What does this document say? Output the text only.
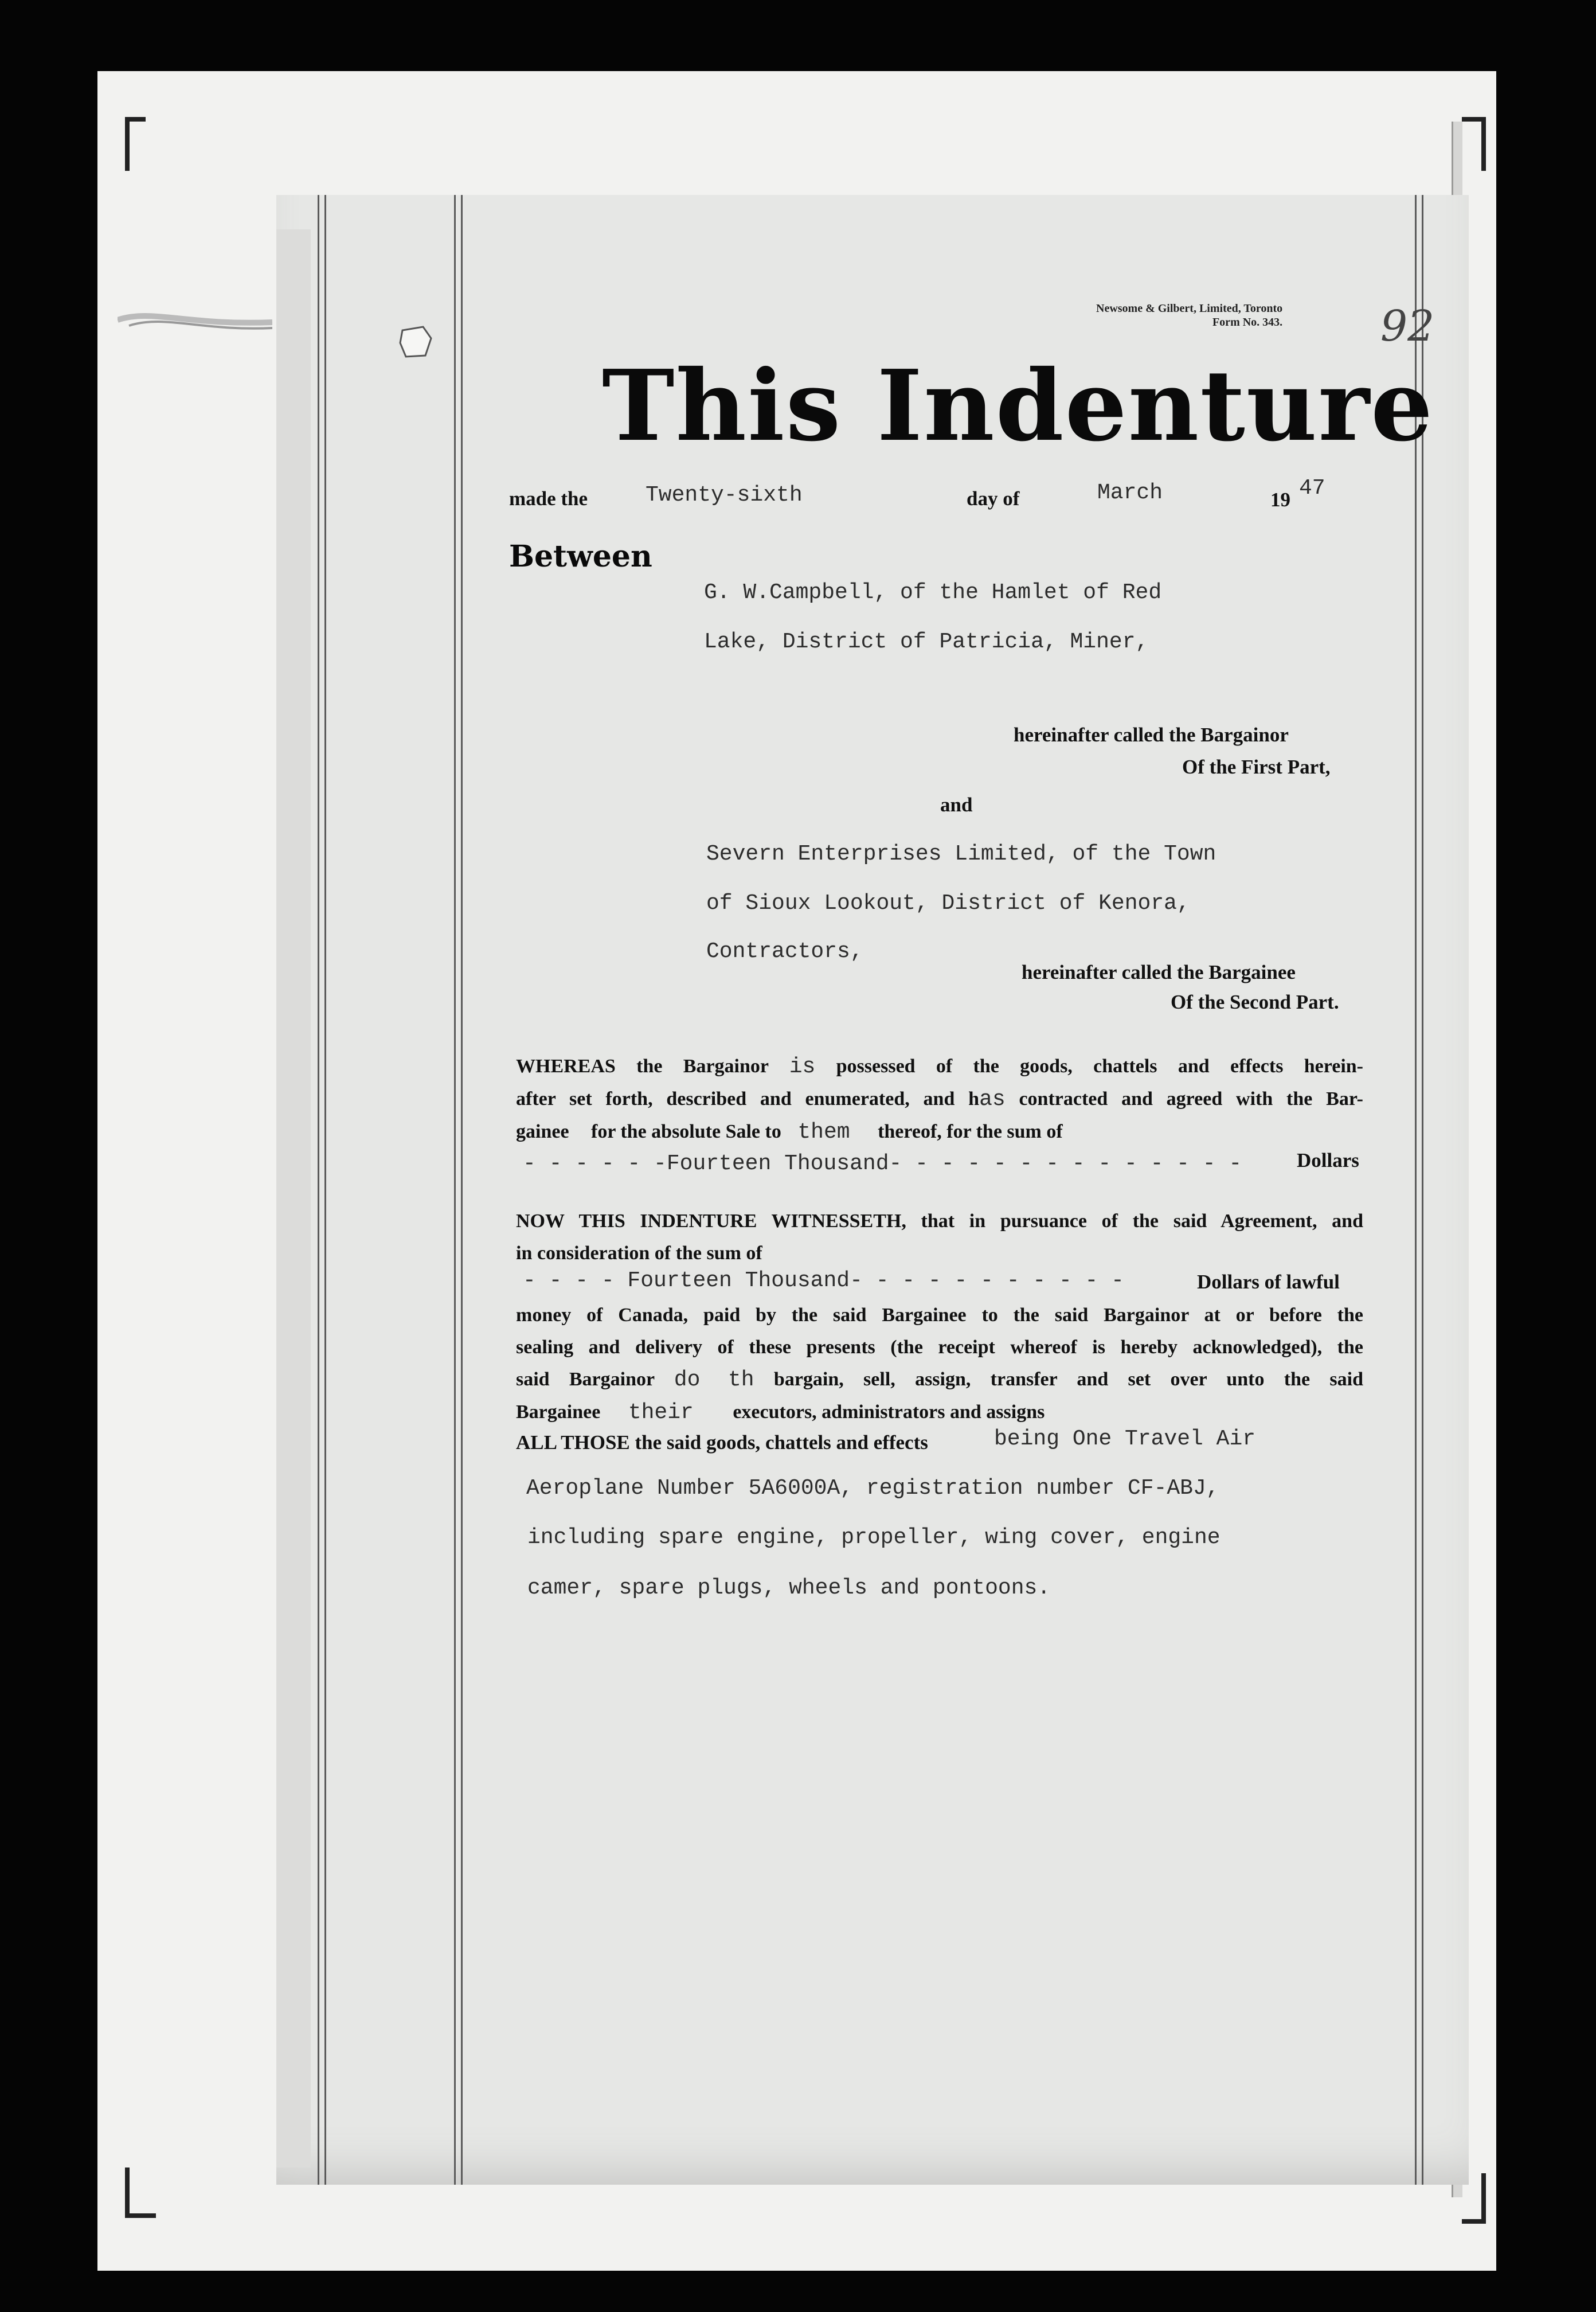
Newsome & Gilbert, Limited, Toronto
Form No. 343. 92
This Indenture
made the	Twenty-sixth	day of	March	19 47
Between
G. W.Campbell, of the Hamlet of Red
Lake, District of Patricia, Miner,
hereinafter called the Bargainor
Of the First Part,
and
Severn Enterprises Limited, of the Town
of Sioux Lookout, District of Kenora,
Contractors,
hereinafter called the Bargainee
Of the Second Part.
WHEREAS the Bargainor is possessed of the goods, chattels and effects herein-
after set forth, described and enumerated, and has contracted and agreed with the Bar-
gainee for the absolute Sale to them thereof, for the sum of
- - - - - -Fourteen Thousand- - - - - - - - - - - - - -	Dollars
NOW THIS INDENTURE WITNESSETH, that in pursuance of the said Agreement, and
in consideration of the sum of
- - - - Fourteen Thousand- - - - - - - - - - -	Dollars of lawful
money of Canada, paid by the said Bargainee to the said Bargainor at or before the
sealing and delivery of these presents (the receipt whereof is hereby acknowledged), the
said Bargainor do th bargain, sell, assign, transfer and set over unto the said
Bargainee their executors, administrators and assigns
ALL THOSE the said goods, chattels and effects	being One Travel Air
Aeroplane Number 5A6000A, registration number CF-ABJ,
including spare engine, propeller, wing cover, engine
camer, spare plugs, wheels and pontoons.
